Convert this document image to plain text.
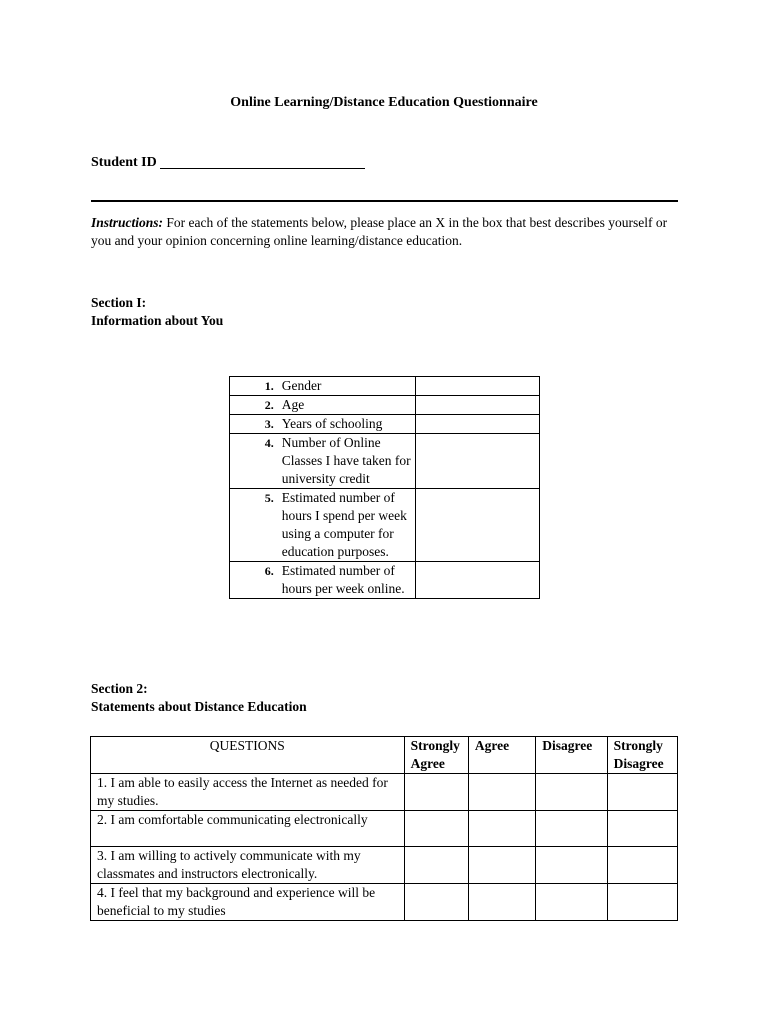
Online Learning/Distance Education Questionnaire
Student ID
Instructions: For each of the statements below, please place an X in the box that best describes yourself or you and your opinion concerning online learning/distance education.
Section I:
Information about You
1.	Gender	
2.	Age	
3.	Years of schooling	
4.	Number of Online Classes I have taken for university credit	
5.	Estimated number of hours I spend per week using a computer for education purposes.	
6.	Estimated number of hours per week online.	
Section 2:
Statements about Distance Education
QUESTIONS	Strongly Agree	Agree	Disagree	Strongly Disagree
1. I am able to easily access the Internet as needed for my studies.				
2. I am comfortable communicating electronically				
3. I am willing to actively communicate with my classmates and instructors electronically.				
4. I feel that my background and experience will be beneficial to my studies				
